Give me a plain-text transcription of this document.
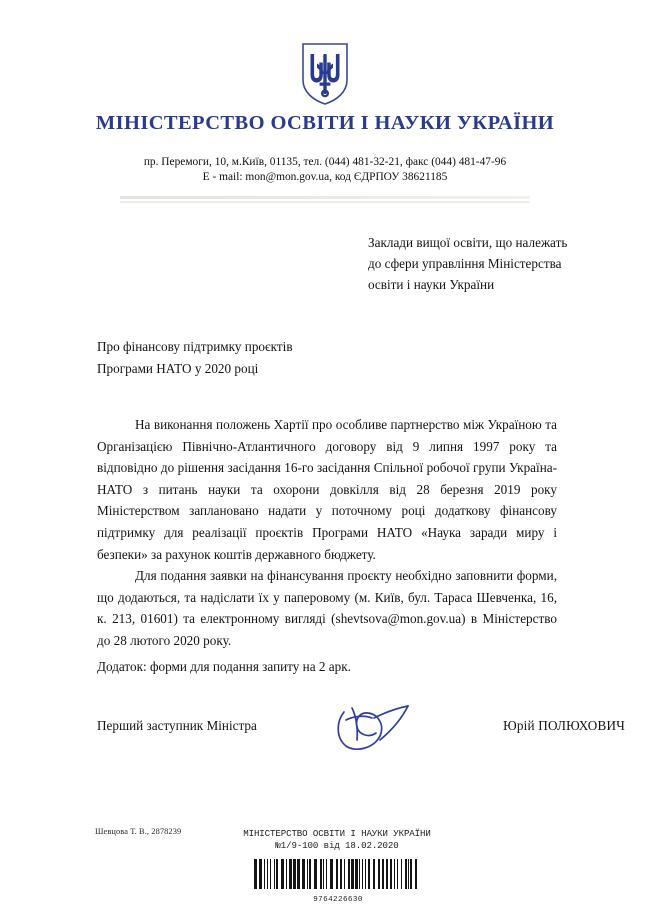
МІНІСТЕРСТВО ОСВІТИ І НАУКИ УКРАЇНИ
пр. Перемоги, 10, м.Київ, 01135, тел. (044) 481-32-21, факс (044) 481-47-96
E - mail: mon@mon.gov.ua, код ЄДРПОУ 38621185
Заклади вищої освіти, що належать
до сфери управління Міністерства
освіти і науки України
Про фінансову підтримку проєктів
Програми НАТО у 2020 році

На виконання положень Хартії про особливе партнерство між Україною та Організацією Північно-Атлантичного договору від 9 липня 1997 року та відповідно до рішення засідання 16-го засідання Спільної робочої групи Україна-НАТО з питань науки та охорони довкілля від 28 березня 2019 року Міністерством заплановано надати у поточному році додаткову фінансову підтримку для реалізації проєктів Програми НАТО «Наука заради миру і безпеки» за рахунок коштів державного бюджету.

Для подання заявки на фінансування проєкту необхідно заповнити форми, що додаються, та надіслати їх у паперовому (м. Київ, бул. Тараса Шевченка, 16, к. 213, 01601) та електронному вигляді (shevtsova@mon.gov.ua) в Міністерство до 28 лютого 2020 року.

Додаток: форми для подання запиту на 2 арк.
Перший заступник Міністра	Юрій ПОЛЮХОВИЧ
Шевцова Т. В., 2878239	МІНІСТЕРСТВО ОСВІТИ І НАУКИ УКРАЇНИ
№1/9-100 від 18.02.2020
9764226630
